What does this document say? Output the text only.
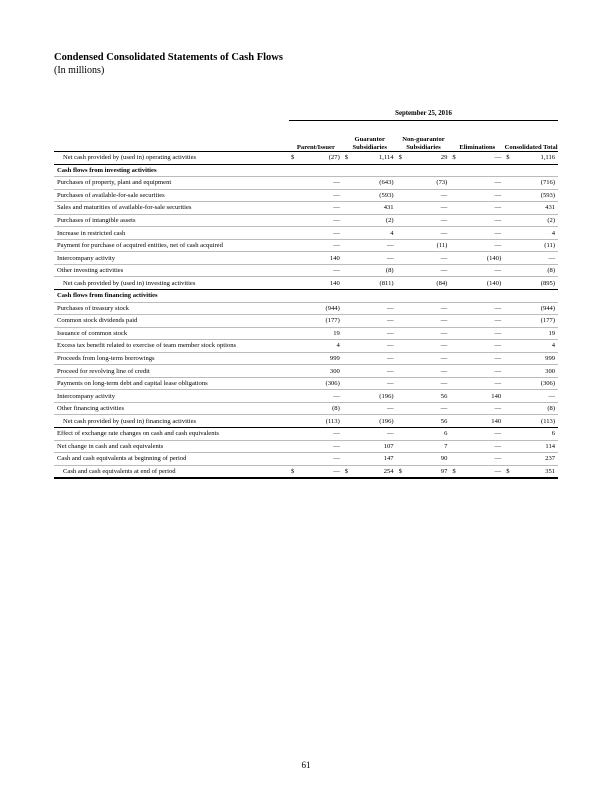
Condensed Consolidated Statements of Cash Flows
(In millions)
	September 25, 2016				
	Parent/Issuer	Guarantor Subsidiaries	Non-guarantor Subsidiaries	Eliminations	Consolidated Total
Net cash provided by (used in) operating activities	$ (27)	$ 1,114	$ 29	$ —	$ 1,116
Cash flows from investing activities					
Purchases of property, plant and equipment	—	(643)	(73)	—	(716)
Purchases of available-for-sale securities	—	(593)	—	—	(593)
Sales and maturities of available-for-sale securities	—	431	—	—	431
Purchases of intangible assets	—	(2)	—	—	(2)
Increase in restricted cash	—	4	—	—	4
Payment for purchase of acquired entities, net of cash acquired	—	—	(11)	—	(11)
Intercompany activity	140	—	—	(140)	—
Other investing activities	—	(8)	—	—	(8)
Net cash provided by (used in) investing activities	140	(811)	(84)	(140)	(895)
Cash flows from financing activities					
Purchases of treasury stock	(944)	—	—	—	(944)
Common stock dividends paid	(177)	—	—	—	(177)
Issuance of common stock	19	—	—	—	19
Excess tax benefit related to exercise of team member stock options	4	—	—	—	4
Proceeds from long-term borrowings	999	—	—	—	999
Proceed for revolving line of credit	300	—	—	—	300
Payments on long-term debt and capital lease obligations	(306)	—	—	—	(306)
Intercompany activity	—	(196)	56	140	—
Other financing activities	(8)	—	—	—	(8)
Net cash provided by (used in) financing activities	(113)	(196)	56	140	(113)
Effect of exchange rate changes on cash and cash equivalents	—	—	6	—	6
Net change in cash and cash equivalents	—	107	7	—	114
Cash and cash equivalents at beginning of period	—	147	90	—	237
Cash and cash equivalents at end of period	$ —	$ 254	$ 97	$ —	$ 351
61
